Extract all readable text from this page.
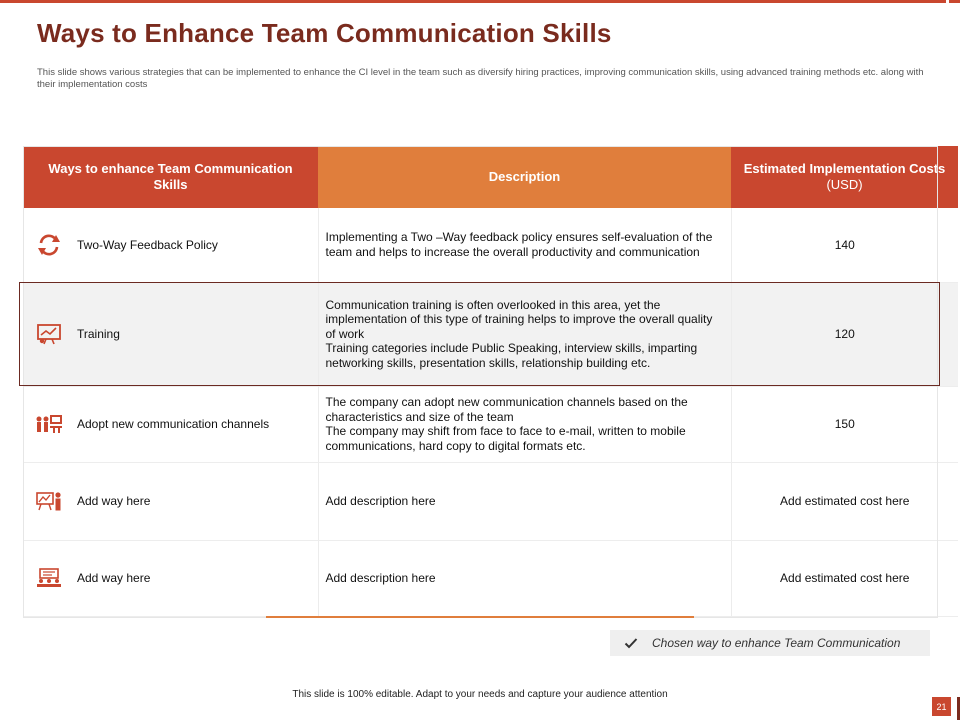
Ways to Enhance Team Communication Skills
This slide shows various strategies that can be implemented to enhance the CI level in the team such as diversify hiring practices, improving communication skills, using advanced training methods etc. along with their implementation costs
Ways to enhance Team Communication Skills	Description	Estimated Implementation Costs (USD)

Two-Way Feedback Policy	Implementing a Two –Way feedback policy ensures self-evaluation of the team and helps to increase the overall productivity and communication	140

Training	Communication training is often overlooked in this area, yet the implementation of this type of training helps to improve the overall quality of work
Training categories include Public Speaking, interview skills, imparting networking skills, presentation skills, relationship building etc.	120

Adopt new communication channels	The company can adopt new communication channels based on the characteristics and size of the team
The company may shift from face to face to e-mail, written to mobile communications, hard copy to digital formats etc.	150

Add way here	Add description here	Add estimated cost here

Add way here	Add description here	Add estimated cost here
Chosen way to enhance Team Communication
This slide is 100% editable. Adapt to your needs and capture your audience attention
21
